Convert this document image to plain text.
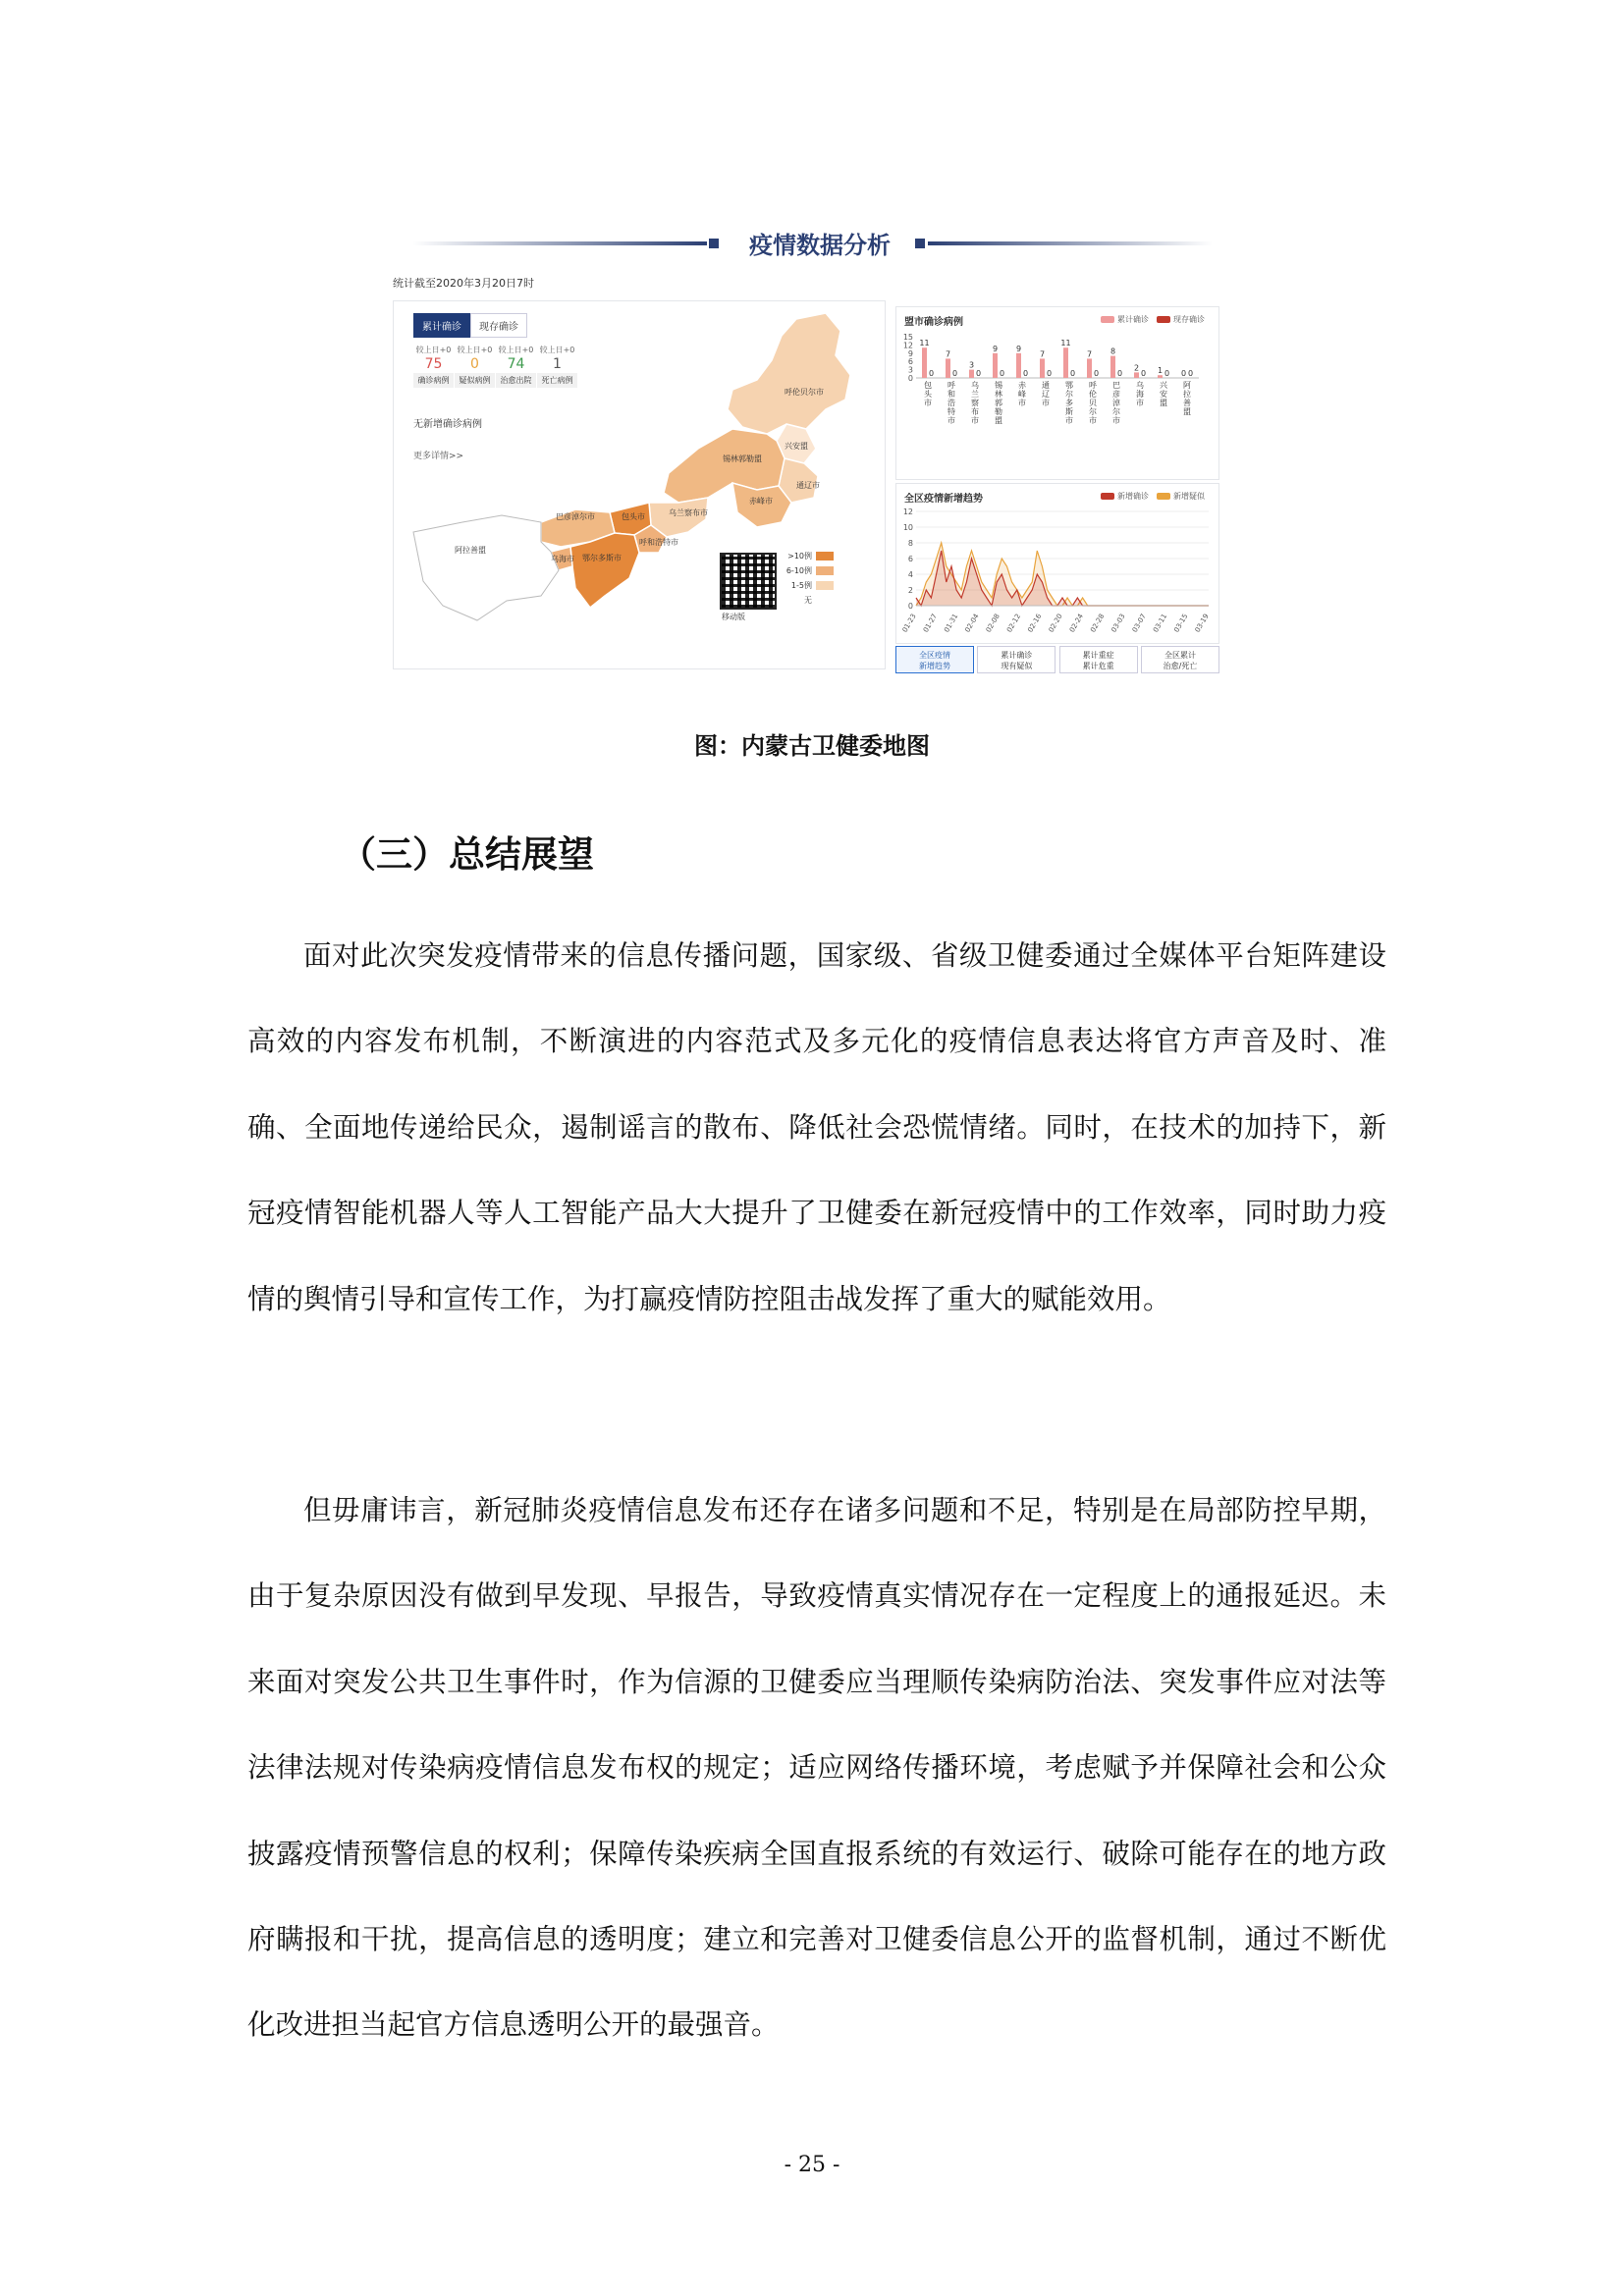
疫情数据分析
统计截至2020年3月20日7时
累计确诊	现存确诊
较上日+0
75
确诊病例
较上日+0
0
疑似病例
较上日+0
74
治愈出院
较上日+0
1
死亡病例
无新增确诊病例
更多详情>>
呼伦贝尔市
兴安盟
通辽市
锡林郭勒盟
赤峰市
乌兰察布市
包头市
巴彦淖尔市
呼和浩特市
乌海市 鄂尔多斯市
阿拉善盟
移动版
>10例
6-10例
1-5例
无
盟市确诊病例	累计确诊	现存确诊
0
3
6
9
12
15
11
0
包头市
7
0
呼和浩特市
3
0
乌兰察布市
9
0
锡林郭勒盟
9
0
赤峰市
7
0
通辽市
11
0
鄂尔多斯市
7
0
呼伦贝尔市
8
0
巴彦淖尔市
2
0
乌海市
1 0
兴安盟
0 0
阿拉善盟
全区疫情新增趋势	新增确诊	新增疑似
0
2
4
6
8
10
12
01-23 01-27 01-31 02-04 02-08 02-12 02-16 02-20 02-24 02-28 03-03 03-07 03-11 03-15 03-19
全区疫情
新增趋势
累计确诊
现有疑似
累计重症
累计危重
全区累计
治愈/死亡
图：内蒙古卫健委地图
（三）总结展望

面对此次突发疫情带来的信息传播问题，国家级、省级卫健委通过全媒体平台矩阵建设高效的内容发布机制，不断演进的内容范式及多元化的疫情信息表达将官方声音及时、准确、全面地传递给民众，遏制谣言的散布、降低社会恐慌情绪。同时，在技术的加持下，新冠疫情智能机器人等人工智能产品大大提升了卫健委在新冠疫情中的工作效率，同时助力疫情的舆情引导和宣传工作，为打赢疫情防控阻击战发挥了重大的赋能效用。

但毋庸讳言，新冠肺炎疫情信息发布还存在诸多问题和不足，特别是在局部防控早期，由于复杂原因没有做到早发现、早报告，导致疫情真实情况存在一定程度上的通报延迟。未来面对突发公共卫生事件时，作为信源的卫健委应当理顺传染病防治法、突发事件应对法等法律法规对传染病疫情信息发布权的规定；适应网络传播环境，考虑赋予并保障社会和公众披露疫情预警信息的权利；保障传染疾病全国直报系统的有效运行、破除可能存在的地方政府瞒报和干扰，提高信息的透明度；建立和完善对卫健委信息公开的监督机制，通过不断优化改进担当起官方信息透明公开的最强音。

- 25 -
